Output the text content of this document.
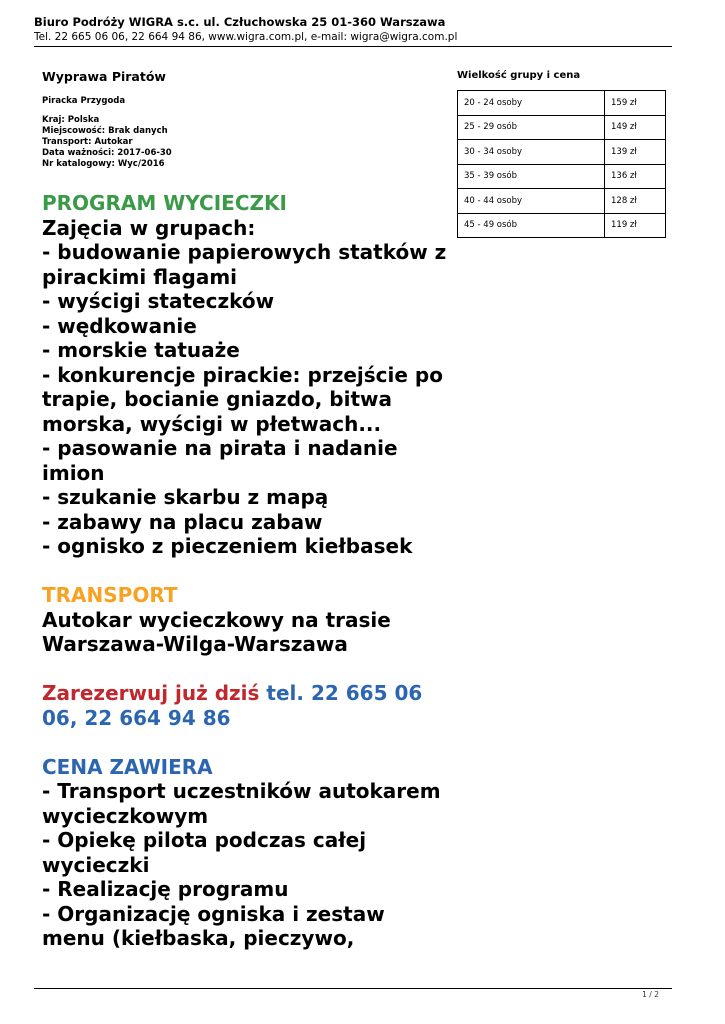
Biuro Podróży WIGRA s.c. ul. Człuchowska 25 01-360 Warszawa
Tel. 22 665 06 06, 22 664 94 86, www.wigra.com.pl, e-mail: wigra@wigra.com.pl
Wyprawa Piratów
Piracka Przygoda
Kraj: Polska
Miejscowość: Brak danych
Transport: Autokar
Data ważności: 2017-06-30
Nr katalogowy: Wyc/2016
PROGRAM WYCIECZKI
Zajęcia w grupach:
- budowanie papierowych statków z
pirackimi flagami
- wyścigi stateczków
- wędkowanie
- morskie tatuaże
- konkurencje pirackie: przejście po
trapie, bocianie gniazdo, bitwa
morska, wyścigi w płetwach...
- pasowanie na pirata i nadanie
imion
- szukanie skarbu z mapą
- zabawy na placu zabaw
- ognisko z pieczeniem kiełbasek
TRANSPORT
Autokar wycieczkowy na trasie
Warszawa-Wilga-Warszawa
Zarezerwuj już dziś tel. 22 665 06
06, 22 664 94 86
CENA ZAWIERA
- Transport uczestników autokarem
wycieczkowym
- Opiekę pilota podczas całej
wycieczki
- Realizację programu
- Organizację ogniska i zestaw
menu (kiełbaska, pieczywo,
Wielkość grupy i cena
20 - 24 osoby	159 zł
25 - 29 osób	149 zł
30 - 34 osoby	139 zł
35 - 39 osób	136 zł
40 - 44 osoby	128 zł
45 - 49 osób	119 zł
1 / 2
